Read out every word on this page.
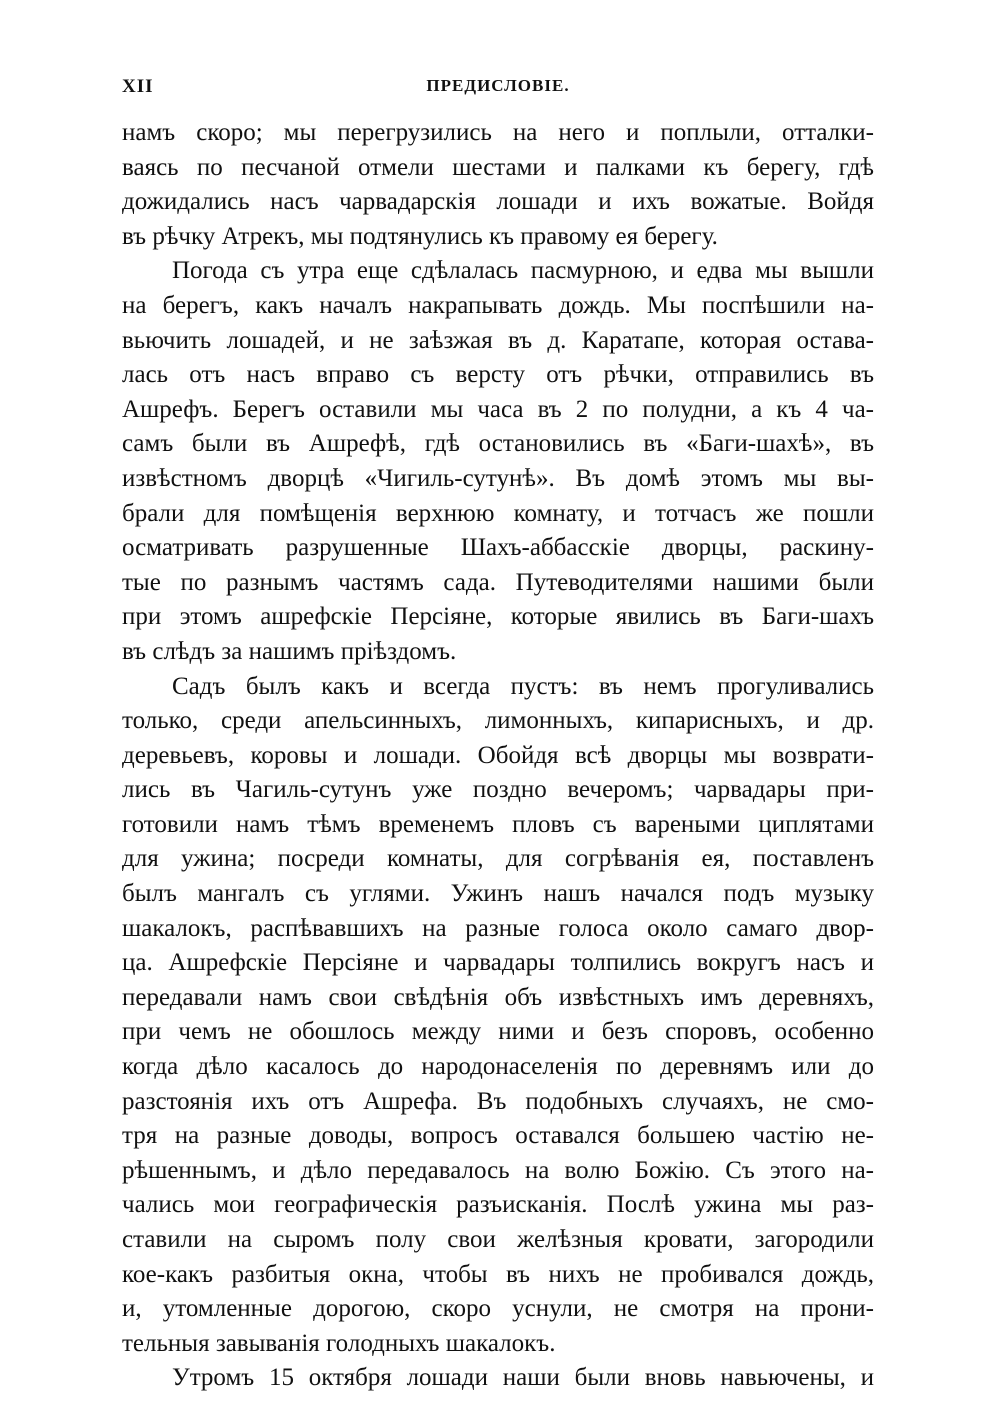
XII	ПРЕДИСЛОВІЕ.
намъ скоро; мы перегрузились на него и поплыли, отталки-
ваясь по песчаной отмели шестами и палками къ берегу, гдѣ
дожидались насъ чарвадарскія лошади и ихъ вожатые. Войдя
въ рѣчку Атрекъ, мы подтянулись къ правому ея берегу.
Погода съ утра еще сдѣлалась пасмурною, и едва мы вышли
на берегъ, какъ началъ накрапывать дождь. Мы поспѣшили на-
вьючить лошадей, и не заѣзжая въ д. Каратапе, которая остава-
лась отъ насъ вправо съ версту отъ рѣчки, отправились въ
Ашрефъ. Берегъ оставили мы часа въ 2 по полудни, а къ 4 ча-
самъ были въ Ашрефѣ, гдѣ остановились въ «Баги-шахѣ», въ
извѣстномъ дворцѣ «Чигиль-сутунѣ». Въ домѣ этомъ мы вы-
брали для помѣщенія верхнюю комнату, и тотчасъ же пошли
осматривать разрушенные Шахъ-аббасскіе дворцы, раскину-
тые по разнымъ частямъ сада. Путеводителями нашими были
при этомъ ашрефскіе Персіяне, которые явились въ Баги-шахъ
въ слѣдъ за нашимъ пріѣздомъ.
Садъ былъ какъ и всегда пустъ: въ немъ прогуливались
только, среди апельсинныхъ, лимонныхъ, кипарисныхъ, и др.
деревьевъ, коровы и лошади. Обойдя всѣ дворцы мы возврати-
лись въ Чагиль-сутунъ уже поздно вечеромъ; чарвадары при-
готовили намъ тѣмъ временемъ пловъ съ вареными циплятами
для ужина; посреди комнаты, для согрѣванія ея, поставленъ
былъ мангалъ съ углями. Ужинъ нашъ начался подъ музыку
шакалокъ, распѣвавшихъ на разные голоса около самаго двор-
ца. Ашрефскіе Персіяне и чарвадары толпились вокругъ насъ и
передавали намъ свои свѣдѣнія объ извѣстныхъ имъ деревняхъ,
при чемъ не обошлось между ними и безъ споровъ, особенно
когда дѣло касалось до народонаселенія по деревнямъ или до
разстоянія ихъ отъ Ашрефа. Въ подобныхъ случаяхъ, не смо-
тря на разные доводы, вопросъ оставался большею частію не-
рѣшеннымъ, и дѣло передавалось на волю Божію. Съ этого на-
чались мои географическія разъисканія. Послѣ ужина мы раз-
ставили на сыромъ полу свои желѣзныя кровати, загородили
кое-какъ разбитыя окна, чтобы въ нихъ не пробивался дождь,
и, утомленные дорогою, скоро уснули, не смотря на прони-
тельныя завыванія голодныхъ шакалокъ.
Утромъ 15 октября лошади наши были вновь навьючены, и
